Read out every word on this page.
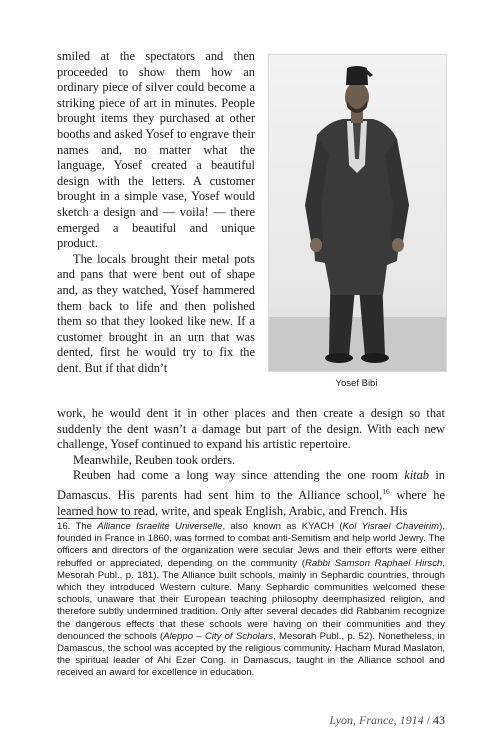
smiled at the spectators and then proceeded to show them how an ordinary piece of silver could become a striking piece of art in minutes. People brought items they purchased at other booths and asked Yosef to engrave their names and, no matter what the language, Yosef created a beautiful design with the letters. A customer brought in a simple vase, Yosef would sketch a design and — voila! — there emerged a beautiful and unique product.

The locals brought their metal pots and pans that were bent out of shape and, as they watched, Yosef hammered them back to life and then polished them so that they looked like new. If a customer brought in an urn that was dented, first he would try to fix the dent. But if that didn’t

Yosef Bibi

work, he would dent it in other places and then create a design so that suddenly the dent wasn’t a damage but part of the design. With each new challenge, Yosef continued to expand his artistic repertoire.

Meanwhile, Reuben took orders.

Reuben had come a long way since attending the one room kitab in Damascus. His parents had sent him to the Alliance school,$^{16}$ where he learned how to read, write, and speak English, Arabic, and French. His

16. The Alliance Israelite Universelle, also known as KYACH (Kol Yisrael Chaveirim), founded in France in 1860, was formed to combat anti-Semitism and help world Jewry. The officers and directors of the organization were secular Jews and their efforts were either rebuffed or appreciated, depending on the community (Rabbi Samson Raphael Hirsch, Mesorah Publ., p. 181). The Alliance built schools, mainly in Sephardic countries, through which they introduced Western culture. Many Sephardic communities welcomed these schools, unaware that their European teaching philosophy deemphasized religion, and therefore subtly undermined tradition. Only after several decades did Rabbanim recognize the dangerous effects that these schools were having on their communities and they denounced the schools (Aleppo – City of Scholars, Mesorah Publ., p. 52). Nonetheless, in Damascus, the school was accepted by the religious community. Hacham Murad Maslaton, the spiritual leader of Ahi Ezer Cong. in Damascus, taught in the Alliance school and received an award for excellence in education.

Lyon, France, 1914 / 43
